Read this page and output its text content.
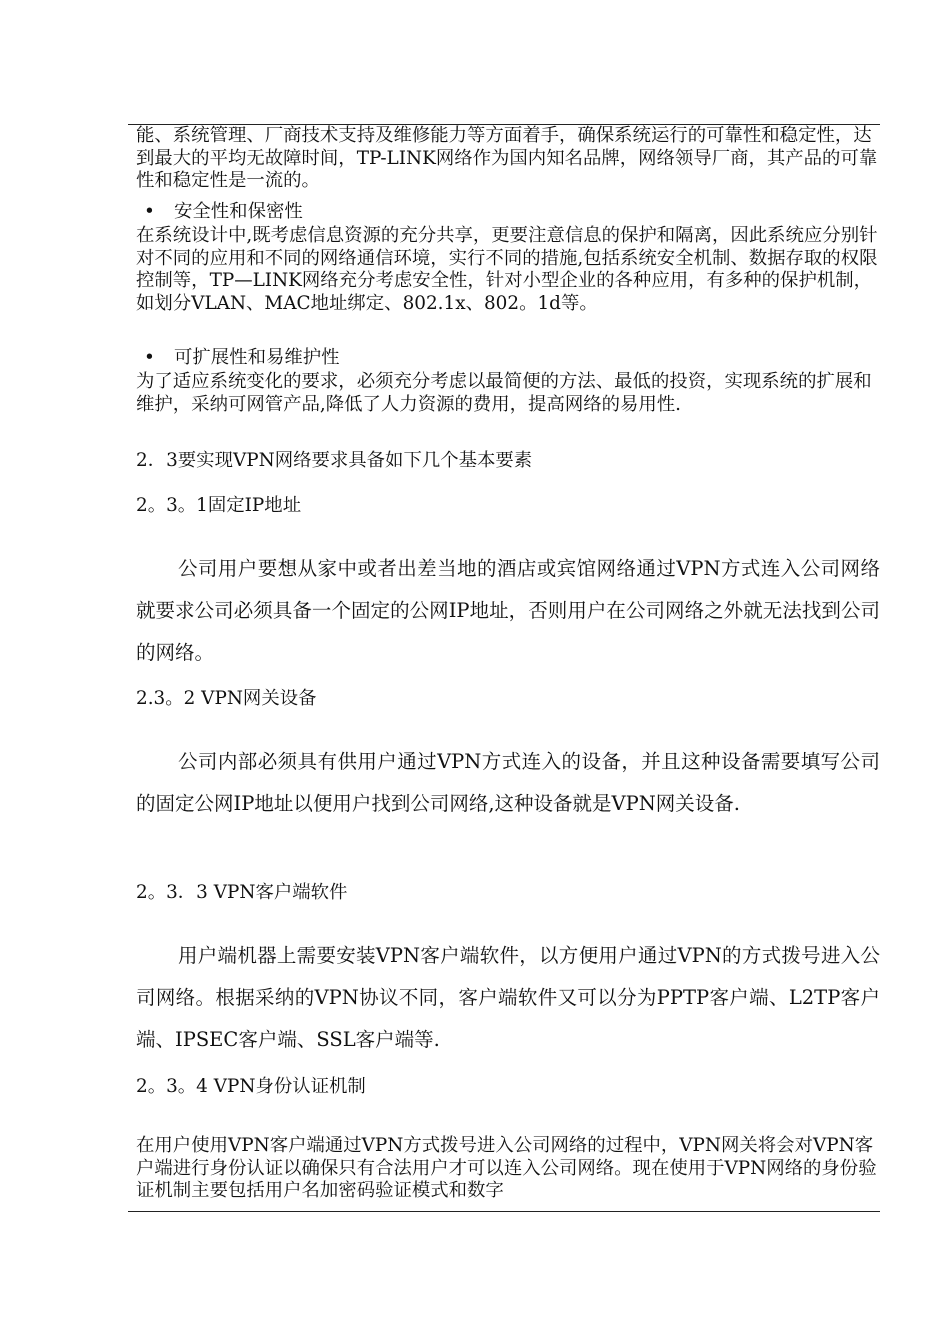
能、系统管理、厂商技术支持及维修能力等方面着手，确保系统运行的可靠性和稳定性，达到最大的平均无故障时间，TP-LINK网络作为国内知名品牌，网络领导厂商，其产品的可靠性和稳定性是一流的。

• 安全性和保密性

在系统设计中,既考虑信息资源的充分共享，更要注意信息的保护和隔离，因此系统应分别针对不同的应用和不同的网络通信环境，实行不同的措施,包括系统安全机制、数据存取的权限控制等，TP—LINK网络充分考虑安全性，针对小型企业的各种应用，有多种的保护机制，如划分VLAN、MAC地址绑定、802.1x、802。1d等。

• 可扩展性和易维护性

为了适应系统变化的要求，必须充分考虑以最简便的方法、最低的投资，实现系统的扩展和维护，采纳可网管产品,降低了人力资源的费用，提高网络的易用性.

2．3要实现VPN网络要求具备如下几个基本要素

2。3。1固定IP地址

公司用户要想从家中或者出差当地的酒店或宾馆网络通过VPN方式连入公司网络就要求公司必须具备一个固定的公网IP地址，否则用户在公司网络之外就无法找到公司的网络。

2.3。2 VPN网关设备

公司内部必须具有供用户通过VPN方式连入的设备，并且这种设备需要填写公司的固定公网IP地址以便用户找到公司网络,这种设备就是VPN网关设备.

2。3．3 VPN客户端软件

用户端机器上需要安装VPN客户端软件，以方便用户通过VPN的方式拨号进入公司网络。根据采纳的VPN协议不同，客户端软件又可以分为PPTP客户端、L2TP客户端、IPSEC客户端、SSL客户端等.

2。3。4 VPN身份认证机制

在用户使用VPN客户端通过VPN方式拨号进入公司网络的过程中，VPN网关将会对VPN客户端进行身份认证以确保只有合法用户才可以连入公司网络。现在使用于VPN网络的身份验证机制主要包括用户名加密码验证模式和数字
